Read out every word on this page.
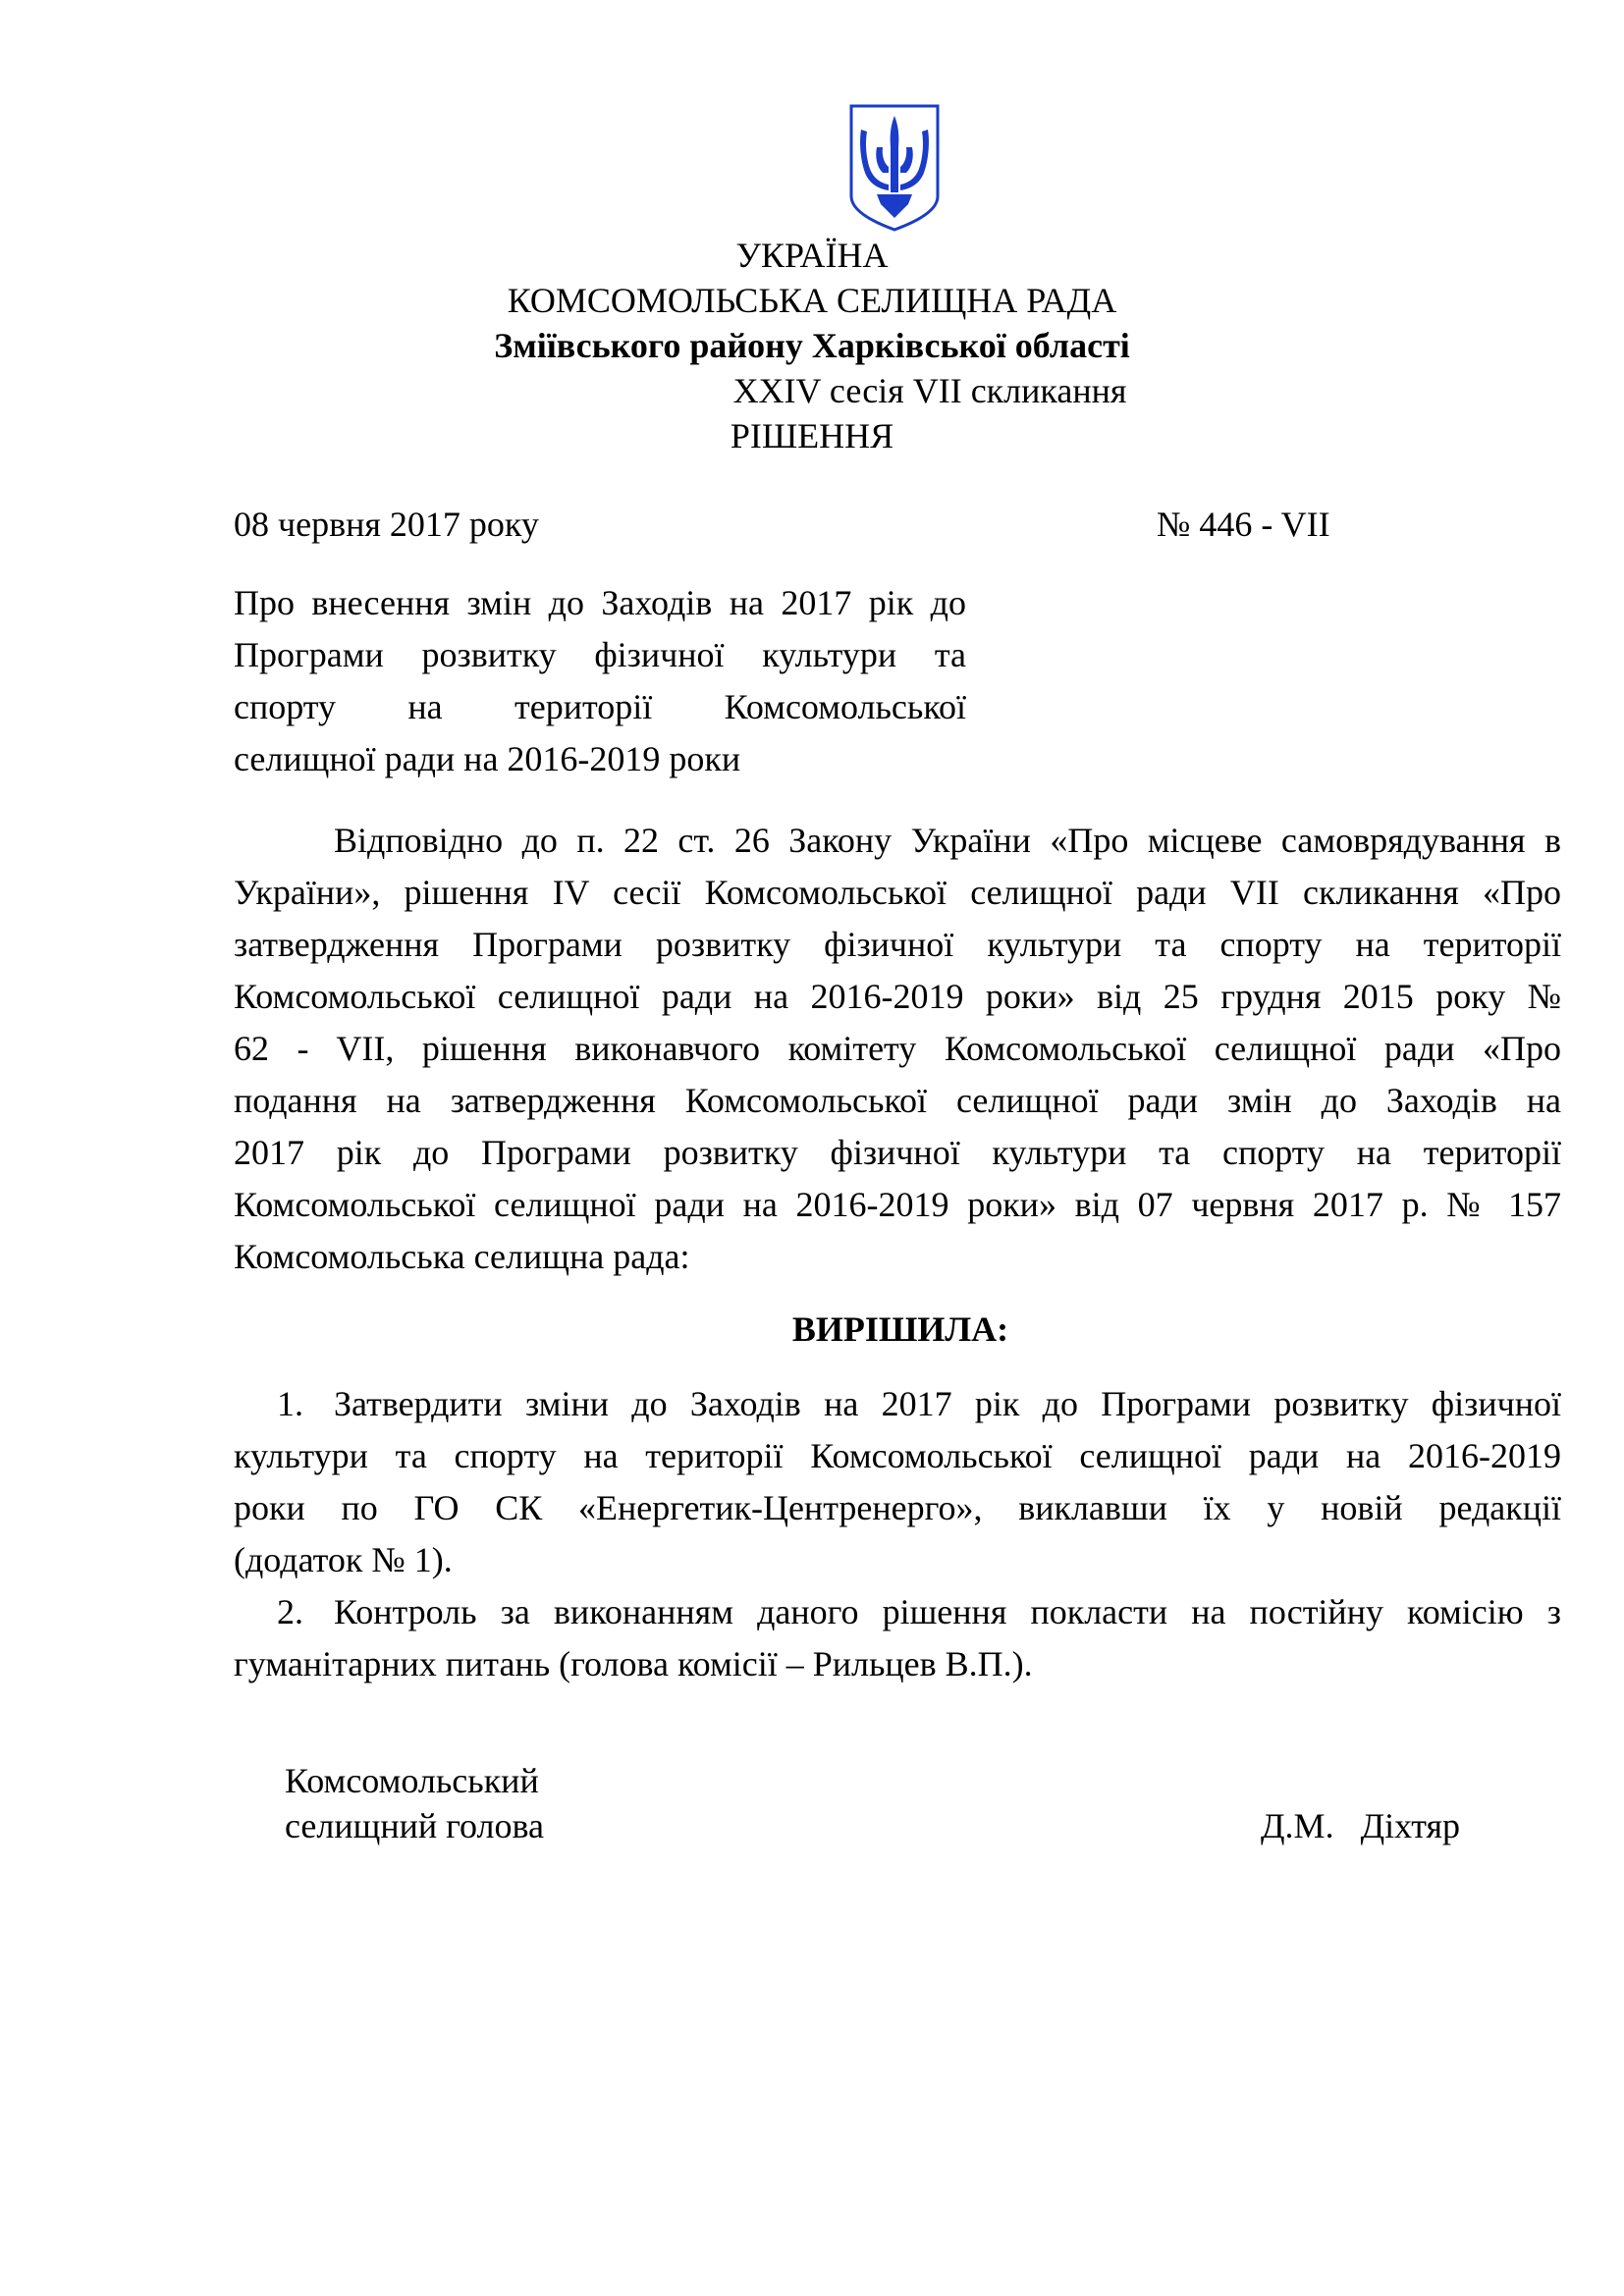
УКРАЇНА
КОМСОМОЛЬСЬКА СЕЛИЩНА РАДА
Зміївського району Харківської області
XXIV сесія VII скликання
РІШЕННЯ
08 червня 2017 року	№ 446 - VII
Про внесення змін до Заходів на 2017 рік до
Програми розвитку фізичної культури та
спорту на території Комсомольської
селищної ради на 2016-2019 роки
Відповідно до п. 22 ст. 26 Закону України «Про місцеве самоврядування в
України», рішення IV сесії Комсомольської селищної ради VII скликання «Про
затвердження Програми розвитку фізичної культури та спорту на території
Комсомольської селищної ради на 2016-2019 роки» від 25 грудня 2015 року №
62 - VII, рішення виконавчого комітету Комсомольської селищної ради «Про
подання на затвердження Комсомольської селищної ради змін до Заходів на
2017 рік до Програми розвитку фізичної культури та спорту на території
Комсомольської селищної ради на 2016-2019 роки» від 07 червня 2017 р. № 157
Комсомольська селищна рада:
ВИРІШИЛА:
1. Затвердити зміни до Заходів на 2017 рік до Програми розвитку фізичної
культури та спорту на території Комсомольської селищної ради на 2016-2019
роки по ГО СК «Енергетик-Центренерго», виклавши їх у новій редакції
(додаток № 1).
2. Контроль за виконанням даного рішення покласти на постійну комісію з
гуманітарних питань (голова комісії – Рильцев В.П.).
Комсомольський
селищний голова	Д.М.   Діхтяр
